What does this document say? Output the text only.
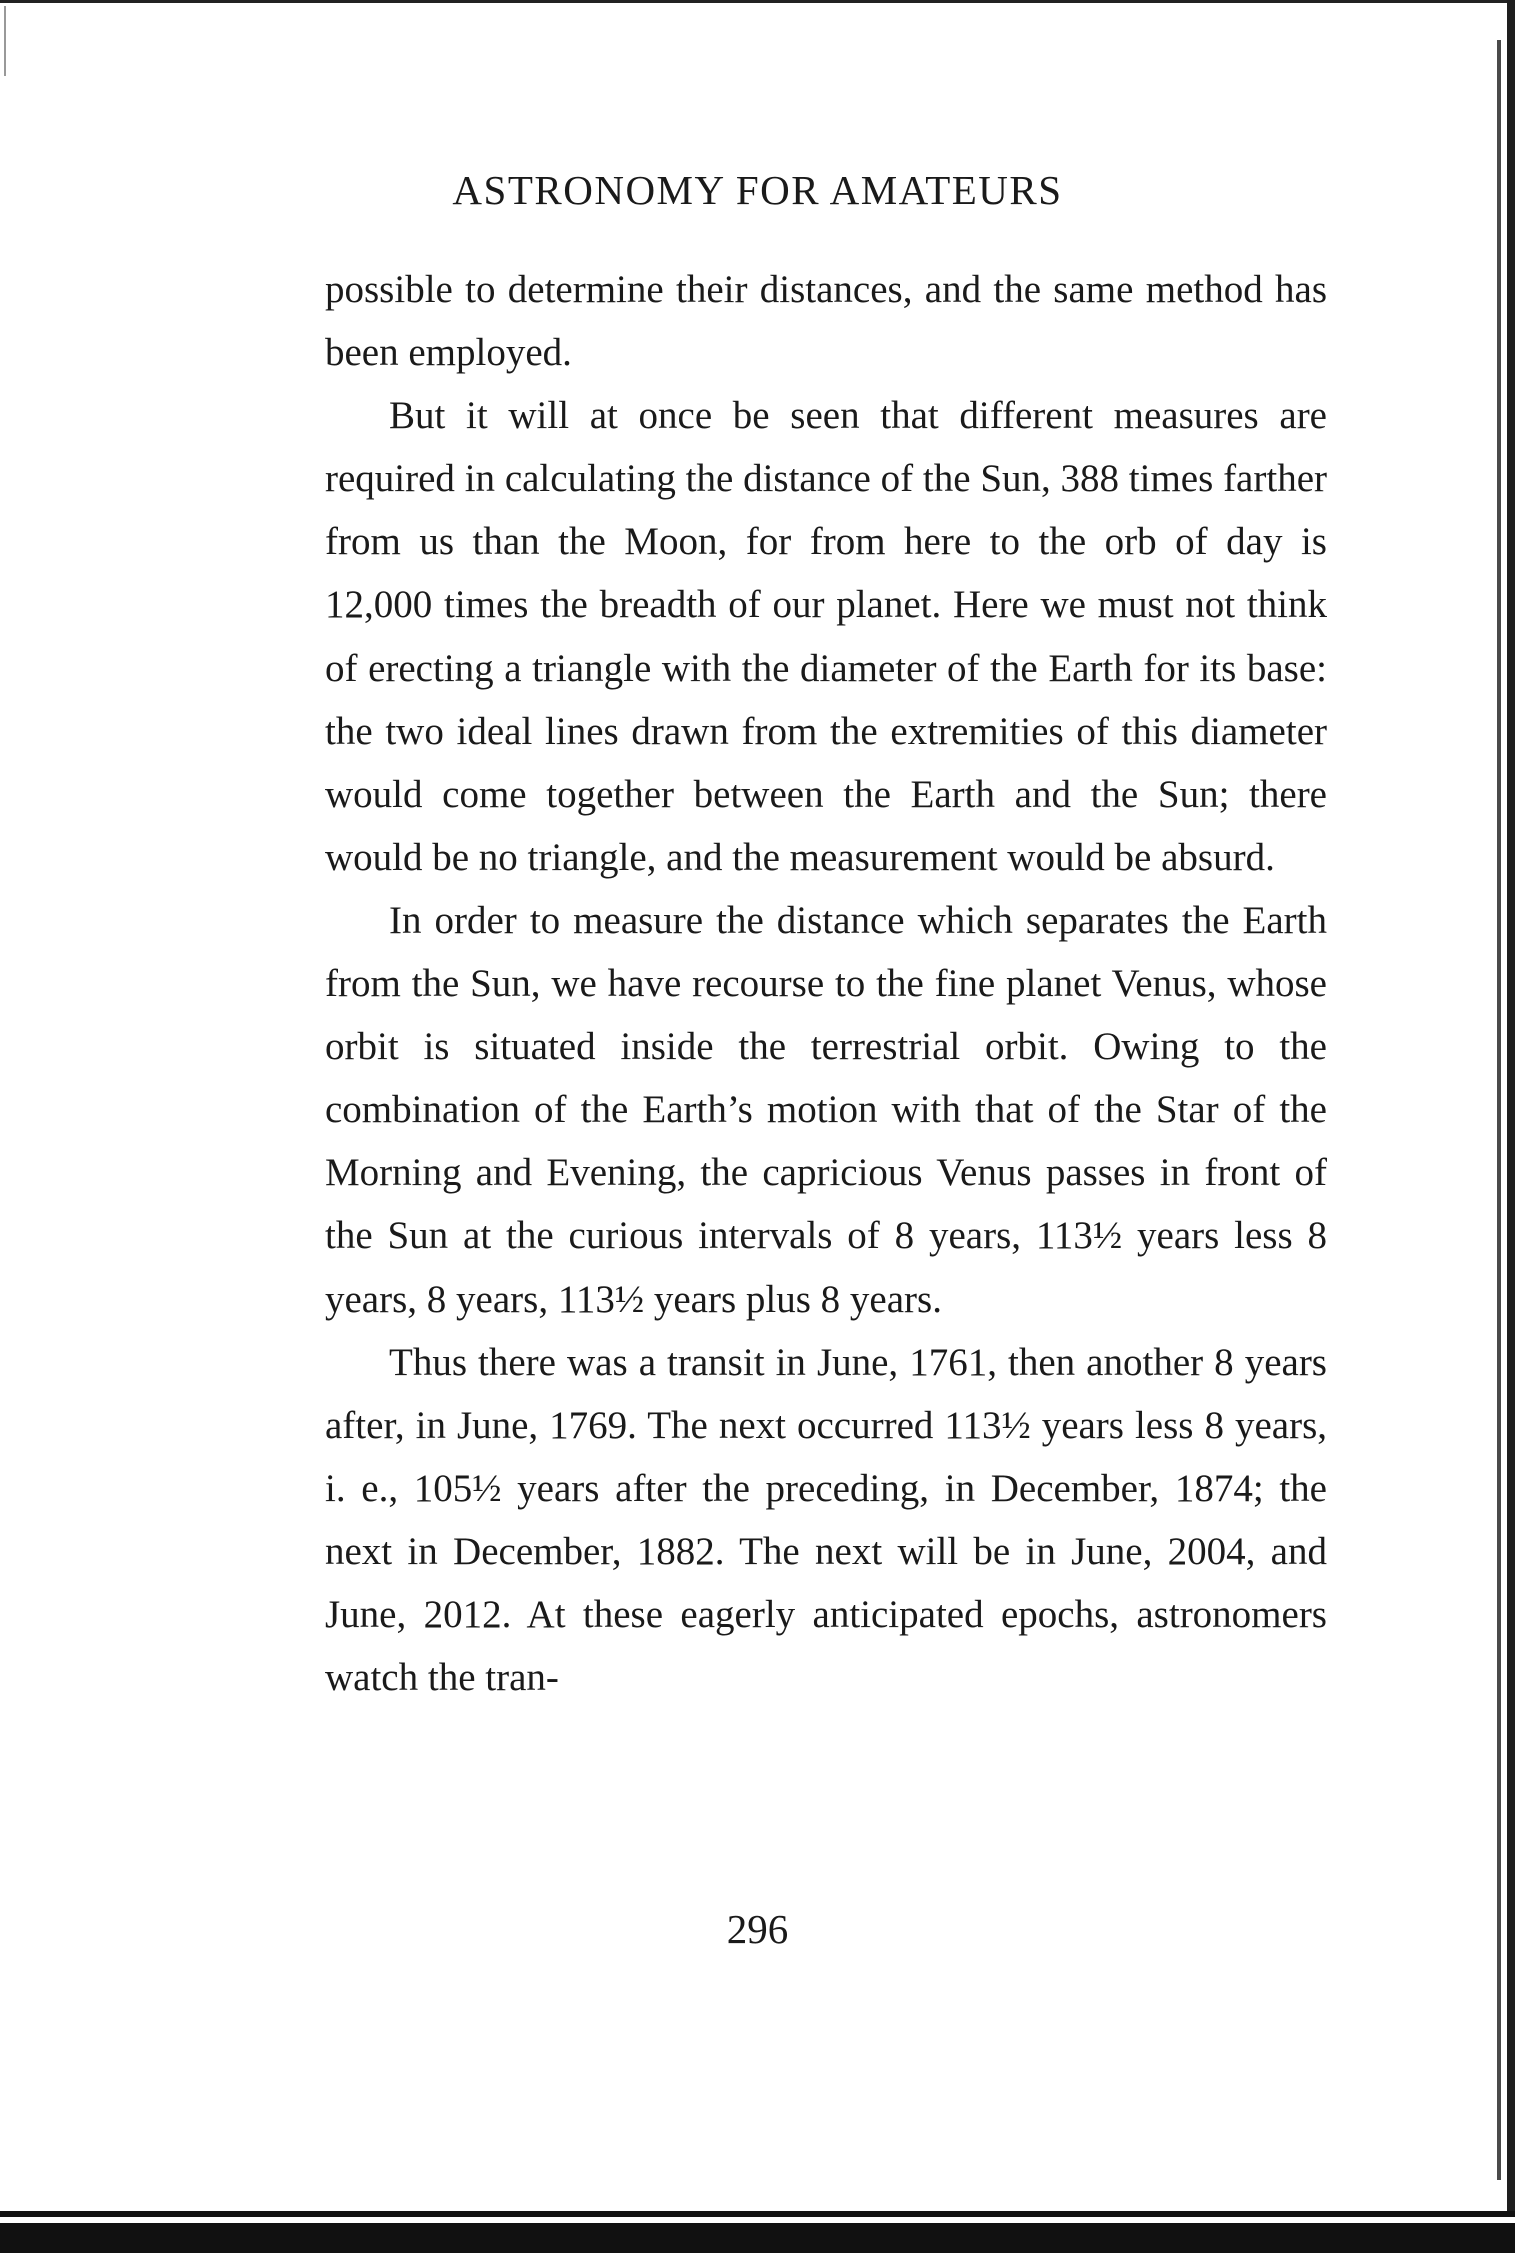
ASTRONOMY FOR AMATEURS

possible to determine their distances, and the same method has been employed.

But it will at once be seen that different measures are required in calculating the distance of the Sun, 388 times farther from us than the Moon, for from here to the orb of day is 12,000 times the breadth of our planet. Here we must not think of erecting a triangle with the diameter of the Earth for its base: the two ideal lines drawn from the extremities of this diameter would come together between the Earth and the Sun; there would be no triangle, and the measurement would be absurd.

In order to measure the distance which separates the Earth from the Sun, we have recourse to the fine planet Venus, whose orbit is situated inside the terrestrial orbit. Owing to the combination of the Earth’s motion with that of the Star of the Morning and Evening, the capricious Venus passes in front of the Sun at the curious intervals of 8 years, 113½ years less 8 years, 8 years, 113½ years plus 8 years.

Thus there was a transit in June, 1761, then another 8 years after, in June, 1769. The next occurred 113½ years less 8 years, i. e., 105½ years after the preceding, in December, 1874; the next in December, 1882. The next will be in June, 2004, and June, 2012. At these eagerly anticipated epochs, astronomers watch the tran-

296
